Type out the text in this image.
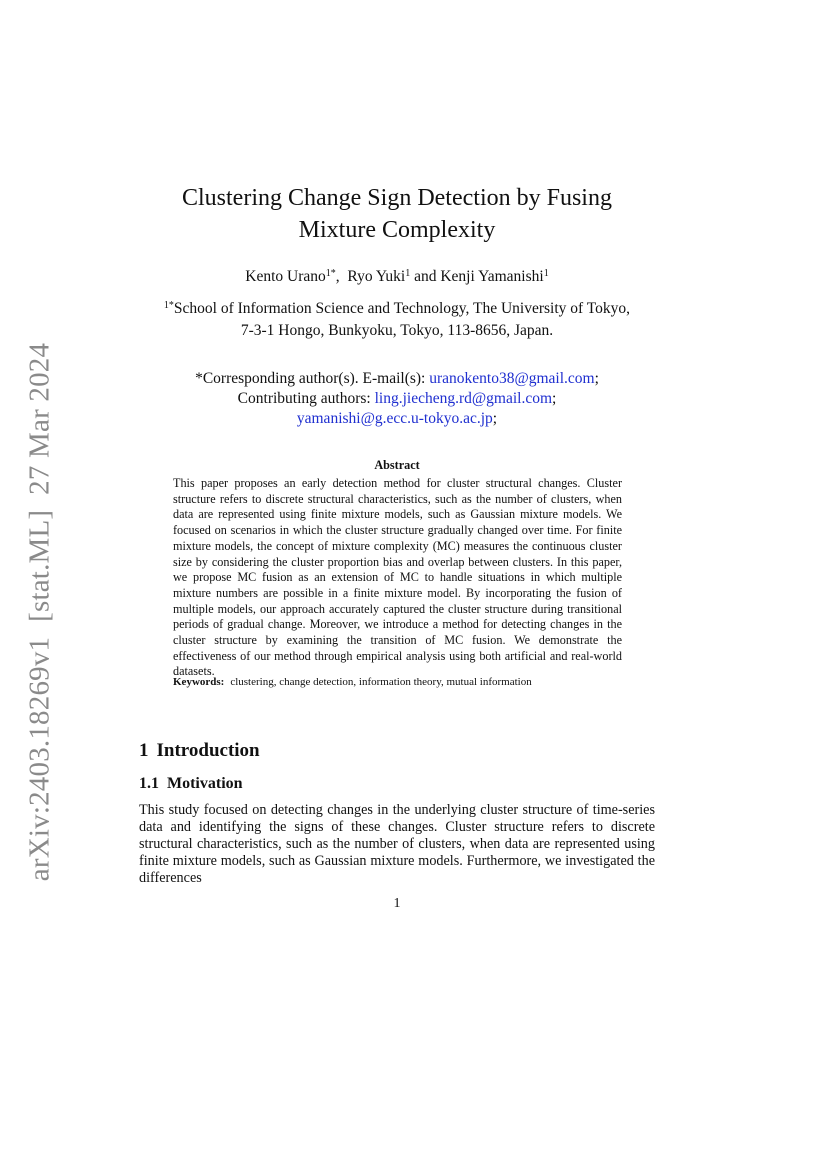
arXiv:2403.18269v1  [stat.ML]  27 Mar 2024
Clustering Change Sign Detection by Fusing
Mixture Complexity
Kento Urano$^{1*}$,  Ryo Yuki$^1$ and Kenji Yamanishi$^1$
$^{1*}$School of Information Science and Technology, The University of Tokyo,
7-3-1 Hongo, Bunkyoku, Tokyo, 113-8656, Japan.
*Corresponding author(s). E-mail(s): uranokento38@gmail.com;
Contributing authors: ling.jiecheng.rd@gmail.com;
yamanishi@g.ecc.u-tokyo.ac.jp;
Abstract
This paper proposes an early detection method for cluster structural changes. Cluster structure refers to discrete structural characteristics, such as the number of clusters, when data are represented using finite mixture models, such as Gaussian mixture models. We focused on scenarios in which the cluster structure gradually changed over time. For finite mixture models, the concept of mixture complexity (MC) measures the continuous cluster size by considering the cluster proportion bias and overlap between clusters. In this paper, we propose MC fusion as an extension of MC to handle situations in which multiple mixture numbers are possible in a finite mixture model. By incorporating the fusion of multiple models, our approach accurately captured the cluster structure during transitional periods of gradual change. Moreover, we introduce a method for detecting changes in the cluster structure by examining the transition of MC fusion. We demonstrate the effectiveness of our method through empirical analysis using both artificial and real-world datasets.
Keywords: clustering, change detection, information theory, mutual information
1 Introduction
1.1 Motivation
This study focused on detecting changes in the underlying cluster structure of time-series data and identifying the signs of these changes. Cluster structure refers to discrete structural characteristics, such as the number of clusters, when data are represented using finite mixture models, such as Gaussian mixture models. Furthermore, we investigated the differences
1
